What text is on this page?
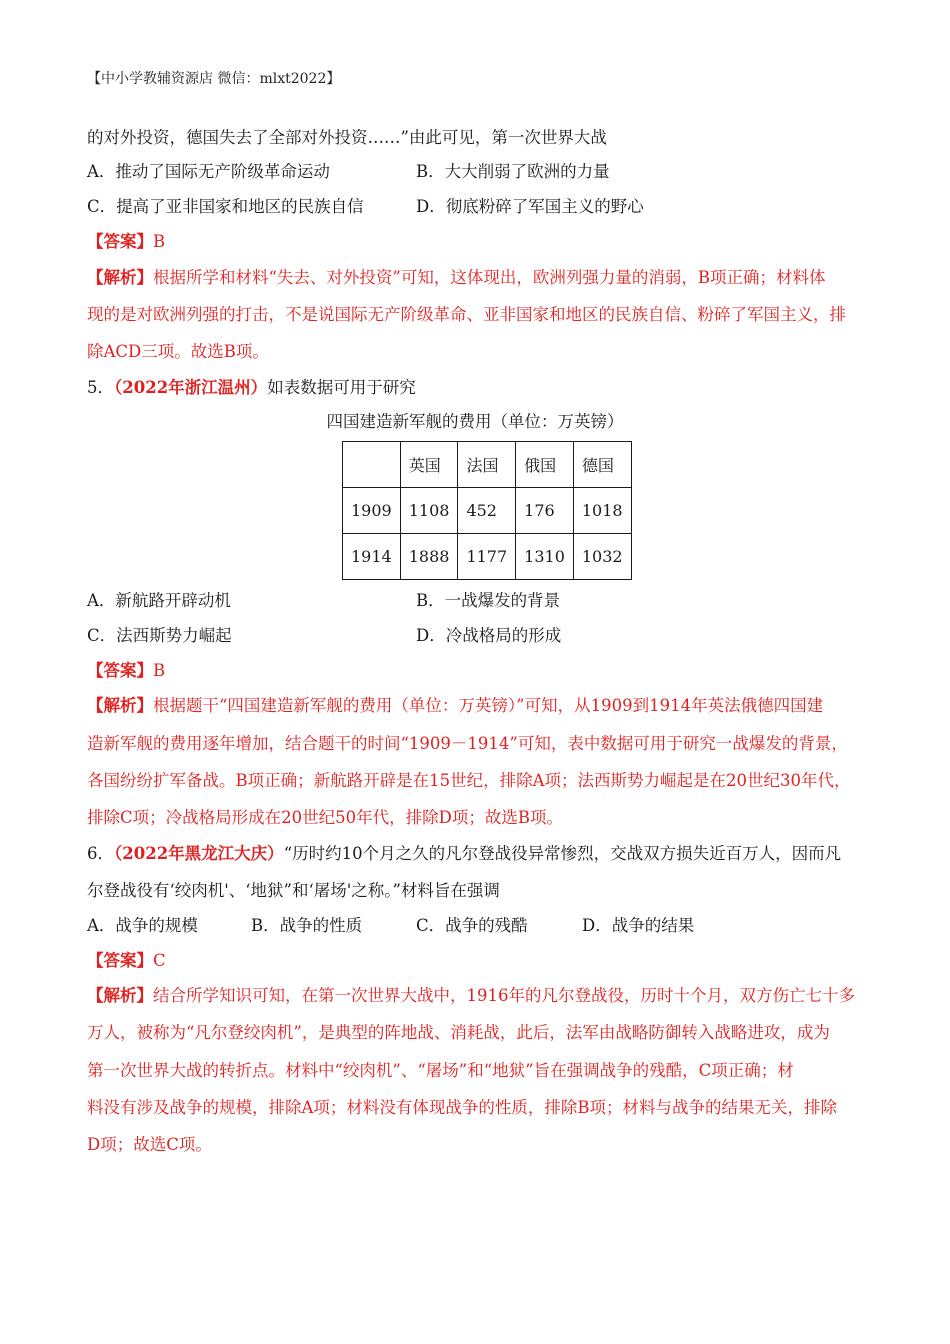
【中小学教辅资源店 微信：mlxt2022】
的对外投资，德国失去了全部对外投资……”由此可见，第一次世界大战
A．推动了国际无产阶级革命运动	B．大大削弱了欧洲的力量
C．提高了亚非国家和地区的民族自信	D．彻底粉碎了军国主义的野心
【答案】B
【解析】根据所学和材料“失去、对外投资”可知，这体现出，欧洲列强力量的消弱，B项正确；材料体
现的是对欧洲列强的打击，不是说国际无产阶级革命、亚非国家和地区的民族自信、粉碎了军国主义，排
除ACD三项。故选B项。
5．（2022年浙江温州）如表数据可用于研究
四国建造新军舰的费用（单位：万英镑）
	英国	法国	俄国	德国
1909	1108	452	176	1018
1914	1888	1177	1310	1032
A．新航路开辟动机	B．一战爆发的背景
C．法西斯势力崛起	D．冷战格局的形成
【答案】B
【解析】根据题干“四国建造新军舰的费用（单位：万英镑）”可知，从1909到1914年英法俄德四国建
造新军舰的费用逐年增加，结合题干的时间“1909－1914”可知，表中数据可用于研究一战爆发的背景，
各国纷纷扩军备战。B项正确；新航路开辟是在15世纪，排除A项；法西斯势力崛起是在20世纪30年代，
排除C项；冷战格局形成在20世纪50年代，排除D项；故选B项。
6．（2022年黑龙江大庆）“历时约10个月之久的凡尔登战役异常惨烈，交战双方损失近百万人，因而凡
尔登战役有‘绞肉机'、‘地狱”和‘屠场'之称。”材料旨在强调
A．战争的规模	B．战争的性质	C．战争的残酷	D．战争的结果
【答案】C
【解析】结合所学知识可知，在第一次世界大战中，1916年的凡尔登战役，历时十个月，双方伤亡七十多
万人，被称为“凡尔登绞肉机”，是典型的阵地战、消耗战，此后，法军由战略防御转入战略进攻，成为
第一次世界大战的转折点。材料中“绞肉机”、“屠场”和“地狱”旨在强调战争的残酷，C项正确；材
料没有涉及战争的规模，排除A项；材料没有体现战争的性质，排除B项；材料与战争的结果无关，排除
D项；故选C项。
